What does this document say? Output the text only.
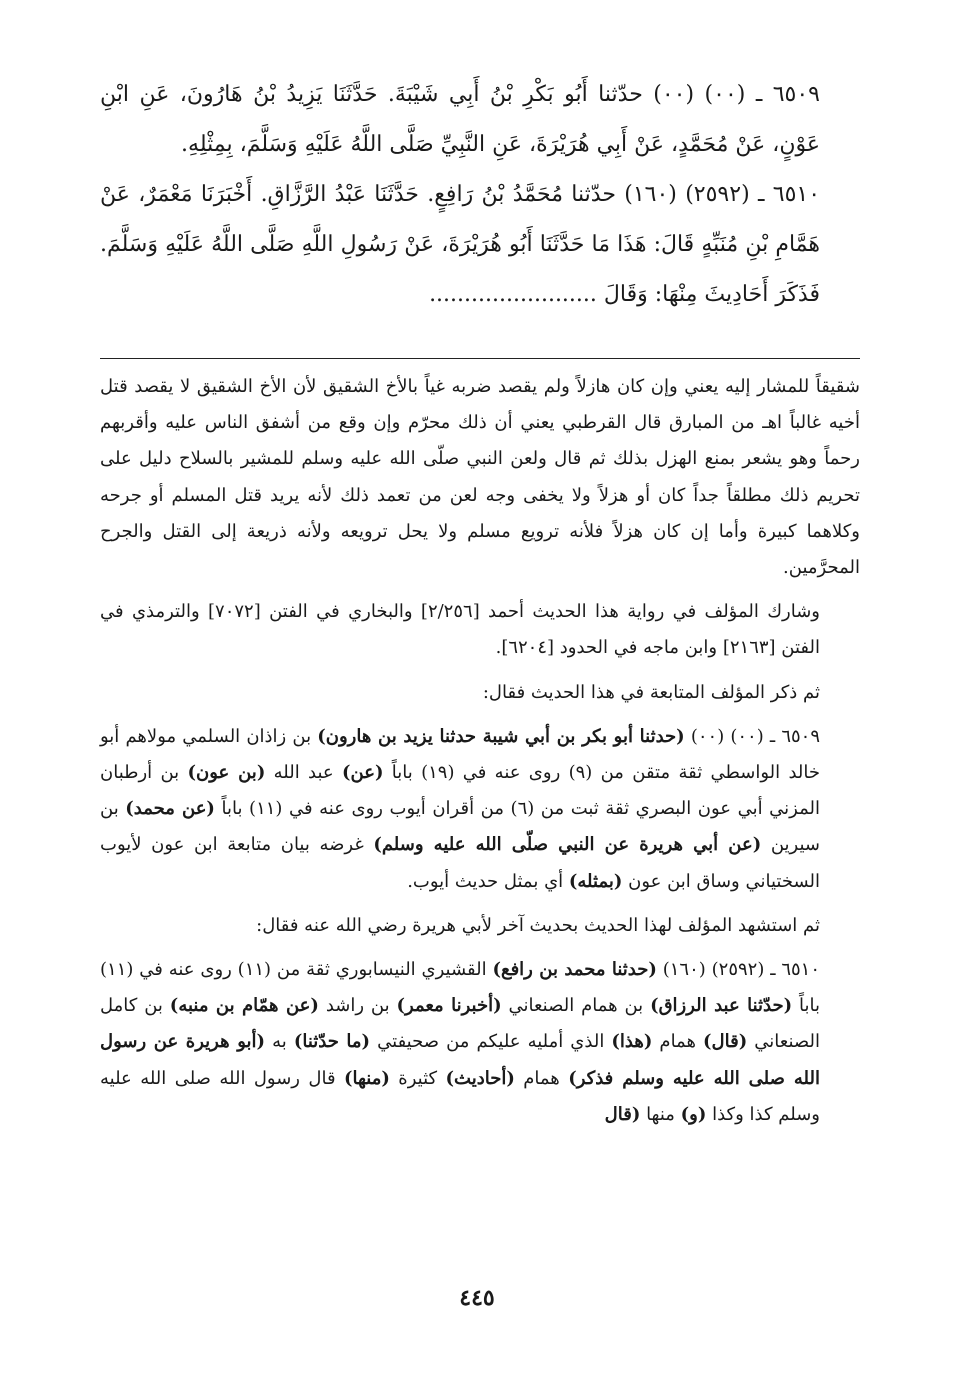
٦٥٠٩ ـ (٠٠) (٠٠) حدّثنا أَبُو بَكْرِ بْنُ أَبِي شَيْبَةَ. حَدَّثَنَا يَزِيدُ بْنُ هَارُونَ، عَنِ ابْنِ عَوْنٍ، عَنْ مُحَمَّدٍ، عَنْ أَبِي هُرَيْرَةَ، عَنِ النَّبِيِّ صَلَّى اللَّهُ عَلَيْهِ وَسَلَّمَ، بِمِثْلِهِ.

٦٥١٠ ـ (٢٥٩٢) (١٦٠) حدّثنا مُحَمَّدُ بْنُ رَافِعٍ. حَدَّثَنَا عَبْدُ الرَّزَّاقِ. أَخْبَرَنَا مَعْمَرٌ، عَنْ هَمَّامِ بْنِ مُنَبِّهٍ قَالَ: هَذَا مَا حَدَّثَنَا أَبُو هُرَيْرَةَ، عَنْ رَسُولِ اللَّهِ صَلَّى اللَّهُ عَلَيْهِ وَسَلَّمَ. فَذَكَرَ أَحَادِيثَ مِنْهَا: وَقَالَ ........................

شقيقاً للمشار إليه يعني وإن كان هازلاً ولم يقصد ضربه غياً بالأخ الشقيق لأن الأخ الشقيق لا يقصد قتل أخيه غالباً اهـ من المبارق قال القرطبي يعني أن ذلك محرّم وإن وقع من أشفق الناس عليه وأقربهم رحماً وهو يشعر بمنع الهزل بذلك ثم قال ولعن النبي صلّى الله عليه وسلم للمشير بالسلاح دليل على تحريم ذلك مطلقاً جداً كان أو هزلاً ولا يخفى وجه لعن من تعمد ذلك لأنه يريد قتل المسلم أو جرحه وكلاهما كبيرة وأما إن كان هزلاً فلأنه ترويع مسلم ولا يحل ترويعه ولأنه ذريعة إلى القتل والجرح المحرَّمين.

وشارك المؤلف في رواية هذا الحديث أحمد [٢/٢٥٦] والبخاري في الفتن [٧٠٧٢] والترمذي في الفتن [٢١٦٣] وابن ماجه في الحدود [٦٢٠٤].

ثم ذكر المؤلف المتابعة في هذا الحديث فقال:

٦٥٠٩ ـ (٠٠) (٠٠) (حدثنا أبو بكر بن أبي شيبة حدثنا يزيد بن هارون) بن زاذان السلمي مولاهم أبو خالد الواسطي ثقة متقن من (٩) روى عنه في (١٩) باباً (عن) عبد الله (بن عون) بن أرطبان المزني أبي عون البصري ثقة ثبت من (٦) من أقران أيوب روى عنه في (١١) باباً (عن محمد) بن سيرين (عن أبي هريرة عن النبي صلّى الله عليه وسلم) غرضه بيان متابعة ابن عون لأيوب السختياني وساق ابن عون (بمثله) أي بمثل حديث أيوب.

ثم استشهد المؤلف لهذا الحديث بحديث آخر لأبي هريرة رضي الله عنه فقال:

٦٥١٠ ـ (٢٥٩٢) (١٦٠) (حدثنا محمد بن رافع) القشيري النيسابوري ثقة من (١١) روى عنه في (١١) باباً (حدّثنا عبد الرزاق) بن همام الصنعاني (أخبرنا معمر) بن راشد (عن همّام بن منبه) بن كامل الصنعاني (قال) همام (هذا) الذي أمليه عليكم من صحيفتي (ما حدّثنا) به (أبو هريرة عن رسول الله صلى الله عليه وسلم فذكر) همام (أحاديث) كثيرة (منها) قال رسول الله صلى الله عليه وسلم كذا وكذا (و) منها (قال

٤٤٥
